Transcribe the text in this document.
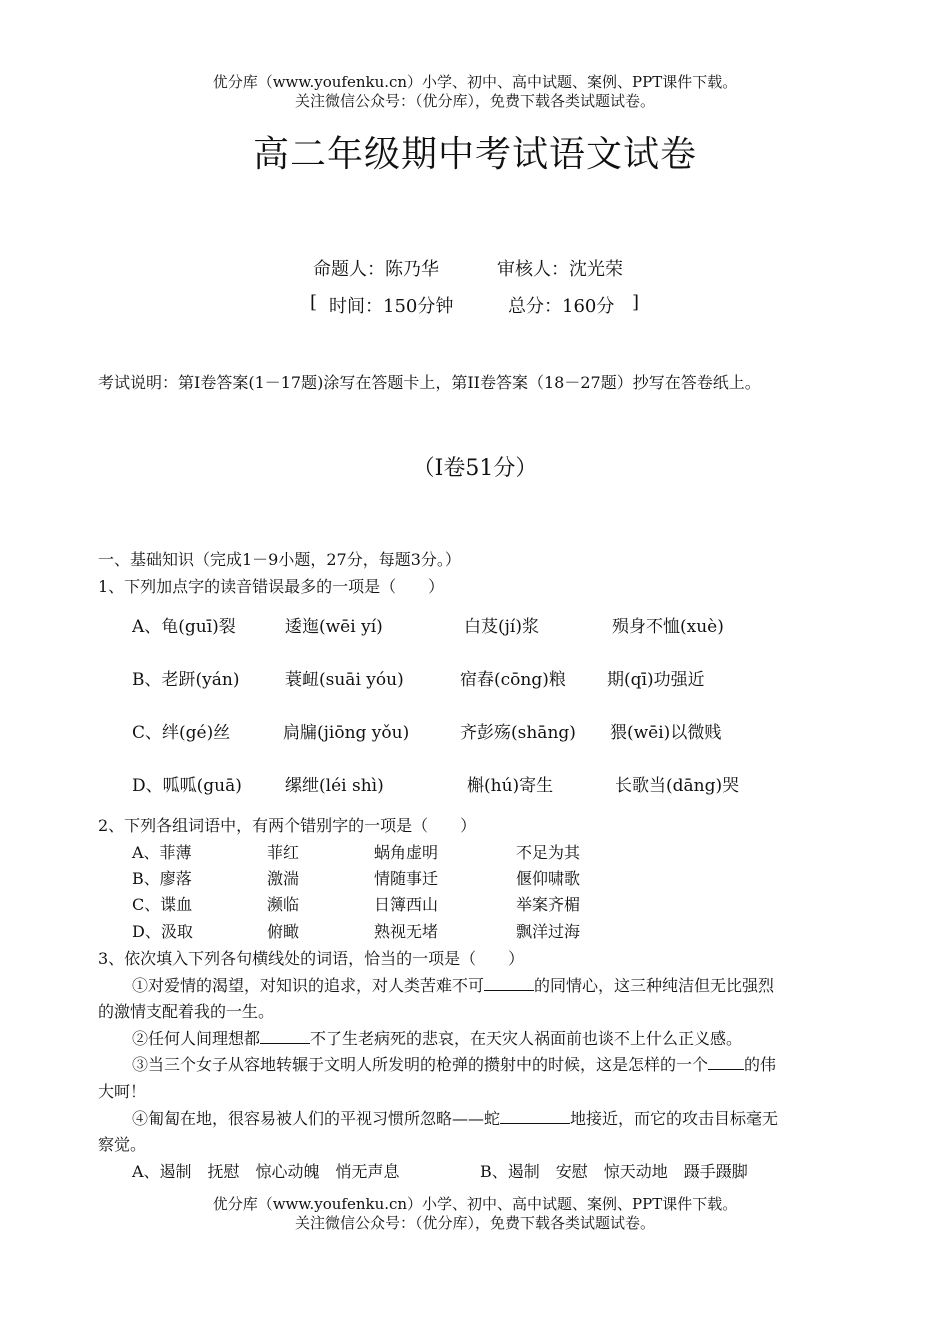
优分库（www.youfenku.cn）小学、初中、高中试题、案例、PPT课件下载。
关注微信公众号：（优分库），免费下载各类试题试卷。
高二年级期中考试语文试卷
命题人：陈乃华	审核人：沈光荣
[ 时间：150分钟	总分：160分 ]
考试说明：第Ⅰ卷答案(1－17题)涂写在答题卡上，第II卷答案（18－27题）抄写在答卷纸上。
（Ⅰ卷51分）
一、基础知识（完成1－9小题，27分，每题3分。）
1、下列加点字的读音错误最多的一项是（　　）
A、龟(guī)裂	逶迤(wēi yí)	白芨(jí)浆	殒身不恤(xuè)
B、老趼(yán)	蓑衄(suāi yóu)	宿舂(cōng)粮 期(qī)功强近
C、绊(gé)丝	扃牖(jiōng yǒu)	齐彭殇(shāng) 猥(wēi)以微贱
D、呱呱(guā)	缧绁(léi shì)	槲(hú)寄生	长歌当(dāng)哭
2、下列各组词语中，有两个错别字的一项是（　　）
A、菲薄	菲红	蜗角虚明	不足为其
B、廖落	激湍	情随事迁	偃仰啸歌
C、谍血	濒临	日簿西山	举案齐楣
D、汲取	俯瞰	熟视无堵	飘洋过海
3、依次填入下列各句横线处的词语，恰当的一项是（　　）
①对爱情的渴望，对知识的追求，对人类苦难不可	的同情心，这三种纯洁但无比强烈
的激情支配着我的一生。
②任何人间理想都	不了生老病死的悲哀，在天灾人祸面前也谈不上什么正义感。
③当三个女子从容地转辗于文明人所发明的枪弹的攒射中的时候，这是怎样的一个 的伟
大呵！
④匍匐在地，很容易被人们的平视习惯所忽略——蛇	地接近，而它的攻击目标毫无
察觉。
A、遏制　抚慰　惊心动魄　悄无声息	B、遏制　安慰　惊天动地　蹑手蹑脚
优分库（www.youfenku.cn）小学、初中、高中试题、案例、PPT课件下载。
关注微信公众号：（优分库），免费下载各类试题试卷。
